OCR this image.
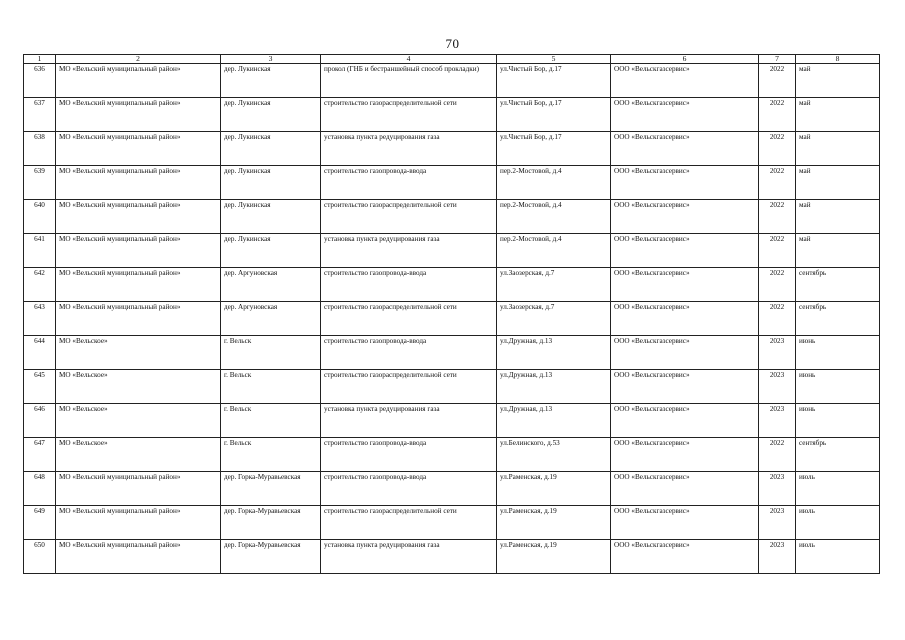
70
1	2	3	4	5	6	7	8
636	МО «Вельский муниципальный район»	дер. Лукинская	прокол (ГНБ и бестраншейный способ прокладки)	ул.Чистый Бор, д.17	ООО «Вельскгазсервис»	2022	май
637	МО «Вельский муниципальный район»	дер. Лукинская	строительство газораспределительной сети	ул.Чистый Бор, д.17	ООО «Вельскгазсервис»	2022	май
638	МО «Вельский муниципальный район»	дер. Лукинская	установка пункта редуцирования газа	ул.Чистый Бор, д.17	ООО «Вельскгазсервис»	2022	май
639	МО «Вельский муниципальный район»	дер. Лукинская	строительство газопровода-ввода	пер.2-Мостовой, д.4	ООО «Вельскгазсервис»	2022	май
640	МО «Вельский муниципальный район»	дер. Лукинская	строительство газораспределительной сети	пер.2-Мостовой, д.4	ООО «Вельскгазсервис»	2022	май
641	МО «Вельский муниципальный район»	дер. Лукинская	установка пункта редуцирования газа	пер.2-Мостовой, д.4	ООО «Вельскгазсервис»	2022	май
642	МО «Вельский муниципальный район»	дер. Аргуновская	строительство газопровода-ввода	ул.Заозерская, д.7	ООО «Вельскгазсервис»	2022	сентябрь
643	МО «Вельский муниципальный район»	дер. Аргуновская	строительство газораспределительной сети	ул.Заозерская, д.7	ООО «Вельскгазсервис»	2022	сентябрь
644	МО «Вельское»	г. Вельск	строительство газопровода-ввода	ул.Дружная, д.13	ООО «Вельскгазсервис»	2023	июнь
645	МО «Вельское»	г. Вельск	строительство газораспределительной сети	ул.Дружная, д.13	ООО «Вельскгазсервис»	2023	июнь
646	МО «Вельское»	г. Вельск	установка пункта редуцирования газа	ул.Дружная, д.13	ООО «Вельскгазсервис»	2023	июнь
647	МО «Вельское»	г. Вельск	строительство газопровода-ввода	ул.Белинского, д.53	ООО «Вельскгазсервис»	2022	сентябрь
648	МО «Вельский муниципальный район»	дер. Горка-Муравьевская	строительство газопровода-ввода	ул.Раменская, д.19	ООО «Вельскгазсервис»	2023	июль
649	МО «Вельский муниципальный район»	дер. Горка-Муравьевская	строительство газораспределительной сети	ул.Раменская, д.19	ООО «Вельскгазсервис»	2023	июль
650	МО «Вельский муниципальный район»	дер. Горка-Муравьевская	установка пункта редуцирования газа	ул.Раменская, д.19	ООО «Вельскгазсервис»	2023	июль
